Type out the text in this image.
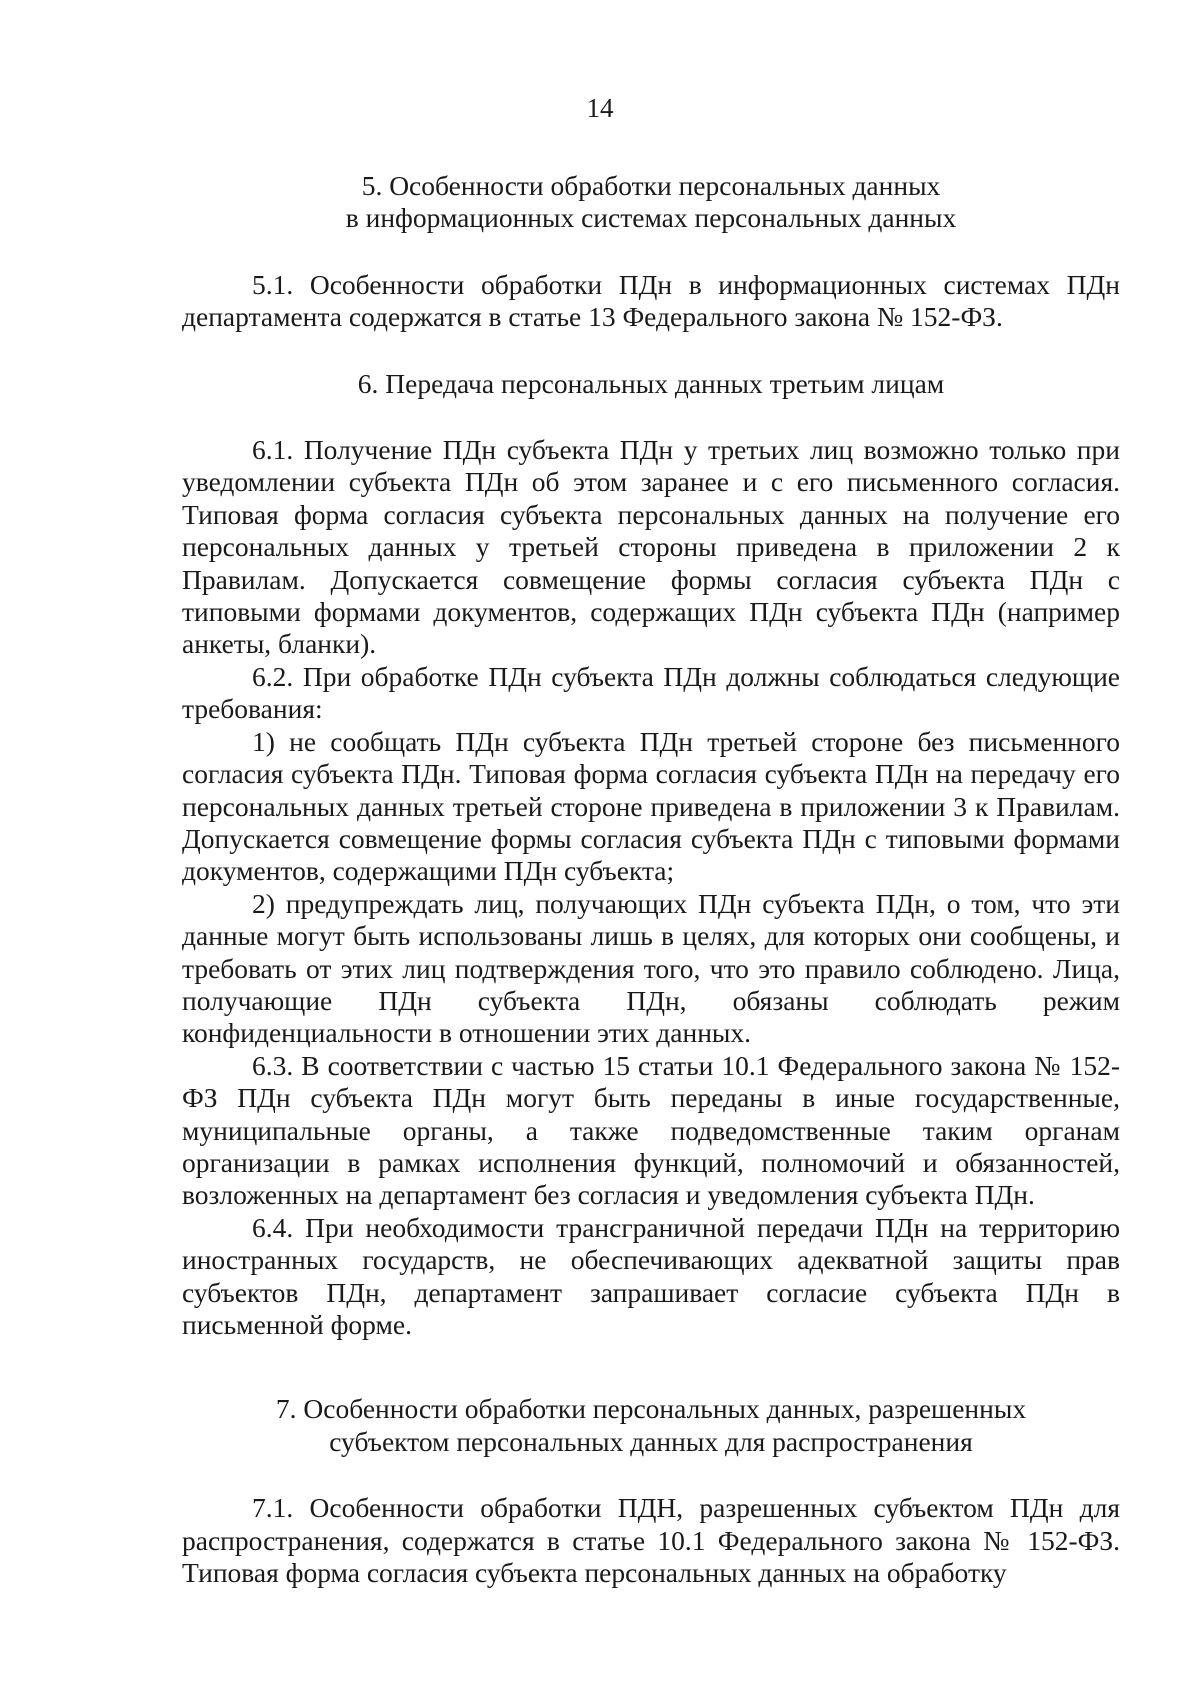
14
5. Особенности обработки персональных данных
в информационных системах персональных данных

5.1. Особенности обработки ПДн в информационных системах ПДн департамента содержатся в статье 13 Федерального закона № 152-ФЗ.

6. Передача персональных данных третьим лицам

6.1. Получение ПДн субъекта ПДн у третьих лиц возможно только при уведомлении субъекта ПДн об этом заранее и с его письменного согласия. Типовая форма согласия субъекта персональных данных на получение его персональных данных у третьей стороны приведена в приложении 2 к Правилам. Допускается совмещение формы согласия субъекта ПДн с типовыми формами документов, содержащих ПДн субъекта ПДн (например анкеты, бланки).

6.2. При обработке ПДн субъекта ПДн должны соблюдаться следующие требования:

1) не сообщать ПДн субъекта ПДн третьей стороне без письменного согласия субъекта ПДн. Типовая форма согласия субъекта ПДн на передачу его персональных данных третьей стороне приведена в приложении 3 к Правилам. Допускается совмещение формы согласия субъекта ПДн с типовыми формами документов, содержащими ПДн субъекта;

2) предупреждать лиц, получающих ПДн субъекта ПДн, о том, что эти данные могут быть использованы лишь в целях, для которых они сообщены, и требовать от этих лиц подтверждения того, что это правило соблюдено. Лица, получающие ПДн субъекта ПДн, обязаны соблюдать режим конфиденциальности в отношении этих данных.

6.3. В соответствии с частью 15 статьи 10.1 Федерального закона № 152-ФЗ ПДн субъекта ПДн могут быть переданы в иные государственные, муниципальные органы, а также подведомственные таким органам организации в рамках исполнения функций, полномочий и обязанностей, возложенных на департамент без согласия и уведомления субъекта ПДн.

6.4. При необходимости трансграничной передачи ПДн на территорию иностранных государств, не обеспечивающих адекватной защиты прав субъектов ПДн, департамент запрашивает согласие субъекта ПДн в письменной форме.

7. Особенности обработки персональных данных, разрешенных
субъектом персональных данных для распространения

7.1. Особенности обработки ПДН, разрешенных субъектом ПДн для распространения, содержатся в статье 10.1 Федерального закона № 152-ФЗ. Типовая форма согласия субъекта персональных данных на обработку
